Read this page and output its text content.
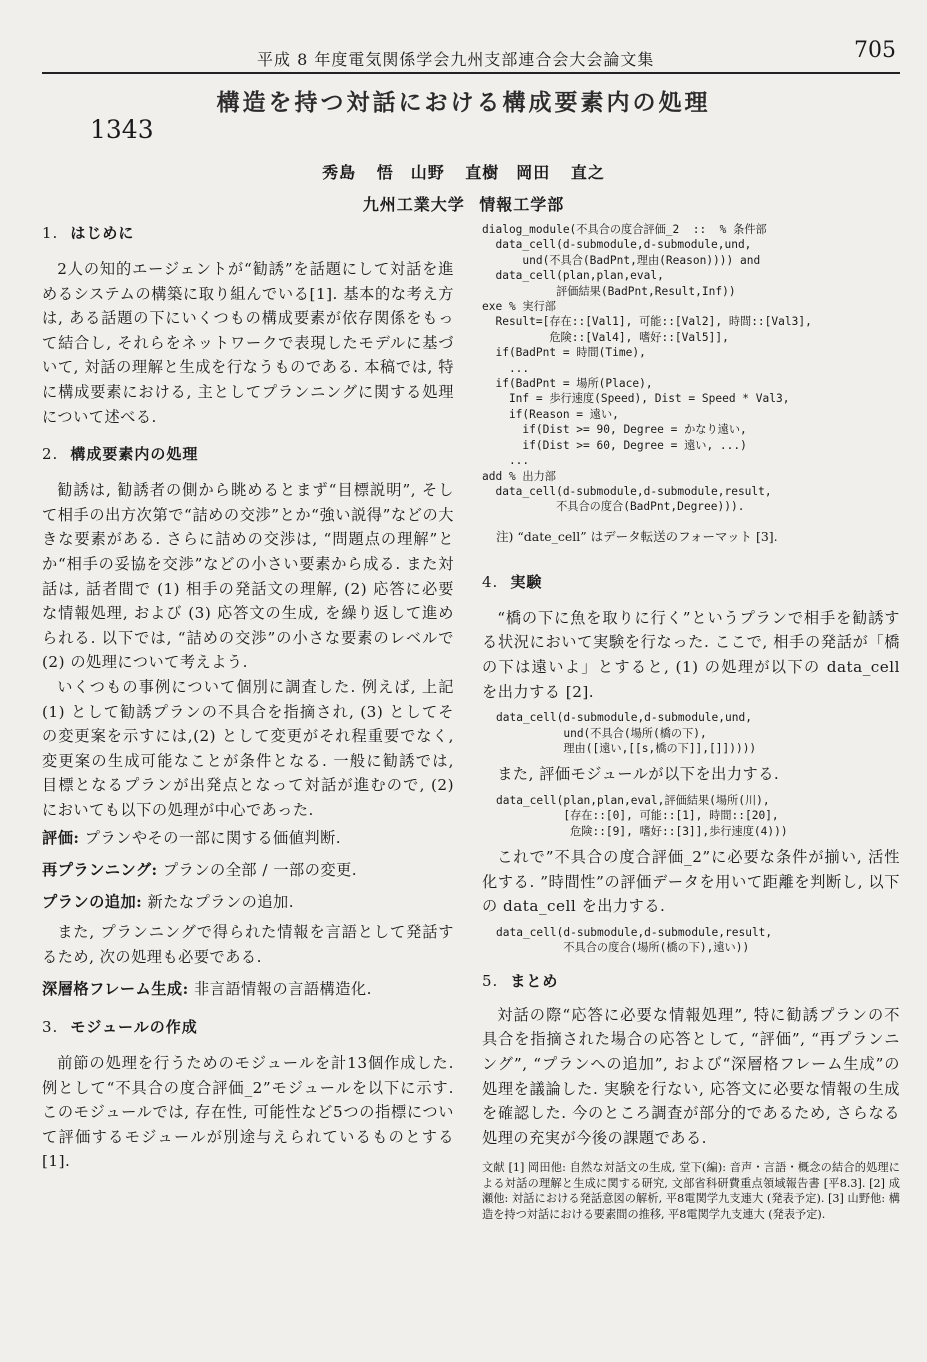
平成 8 年度電気関係学会九州支部連合会大会論文集	705
構造を持つ対話における構成要素内の処理
1343
秀島 悟　山野 直樹　岡田 直之
九州工業大学 情報工学部
1. はじめに

2人の知的エージェントが“勧誘”を話題にして対話を進めるシステムの構築に取り組んでいる[1]. 基本的な考え方は, ある話題の下にいくつもの構成要素が依存関係をもって結合し, それらをネットワークで表現したモデルに基づいて, 対話の理解と生成を行なうものである. 本稿では, 特に構成要素における, 主としてプランニングに関する処理について述べる.

2. 構成要素内の処理

勧誘は, 勧誘者の側から眺めるとまず“目標説明”, そして相手の出方次第で“詰めの交渉”とか“強い説得”などの大きな要素がある. さらに詰めの交渉は, “問題点の理解”とか“相手の妥協を交渉”などの小さい要素から成る. また対話は, 話者間で (1) 相手の発話文の理解, (2) 応答に必要な情報処理, および (3) 応答文の生成, を繰り返して進められる. 以下では, “詰めの交渉”の小さな要素のレベルで (2) の処理について考えよう.

いくつもの事例について個別に調査した. 例えば, 上記 (1) として勧誘プランの不具合を指摘され, (3) としてその変更案を示すには,(2) として変更がそれ程重要でなく, 変更案の生成可能なことが条件となる. 一般に勧誘では, 目標となるプランが出発点となって対話が進むので, (2) においても以下の処理が中心であった.

評価: プランやその一部に関する価値判断.

再プランニング: プランの全部 / 一部の変更.

プランの追加: 新たなプランの追加.

また, プランニングで得られた情報を言語として発話するため, 次の処理も必要である.

深層格フレーム生成: 非言語情報の言語構造化.

3. モジュールの作成

前節の処理を行うためのモジュールを計13個作成した. 例として“不具合の度合評価_2”モジュールを以下に示す. このモジュールでは, 存在性, 可能性など5つの指標について評価するモジュールが別途与えられているものとする [1].

dialog_module(不具合の度合評価_2  ::  % 条件部
data_cell(d-submodule,d-submodule,und,
und(不具合(BadPnt,理由(Reason)))) and
data_cell(plan,plan,eval,
評価結果(BadPnt,Result,Inf))
exe % 実行部
Result=[存在::[Val1], 可能::[Val2], 時間::[Val3],
危険::[Val4], 嗜好::[Val5]],
if(BadPnt = 時間(Time),
...
if(BadPnt = 場所(Place),
Inf = 歩行速度(Speed), Dist = Speed * Val3,
if(Reason = 遠い,
if(Dist >= 90, Degree = かなり遠い,
if(Dist >= 60, Degree = 遠い, ...)
...
add % 出力部
data_cell(d-submodule,d-submodule,result,
不具合の度合(BadPnt,Degree))).

注) “date_cell” はデータ転送のフォーマット [3].

4. 実験

“橋の下に魚を取りに行く”というプランで相手を勧誘する状況において実験を行なった. ここで, 相手の発話が「橋の下は遠いよ」とすると, (1) の処理が以下の data_cell を出力する [2].

data_cell(d-submodule,d-submodule,und,
und(不具合(場所(橋の下),
理由([遠い,[[s,橋の下]],[]]))))

また, 評価モジュールが以下を出力する.

data_cell(plan,plan,eval,評価結果(場所(川),
[存在::[0], 可能::[1], 時間::[20],
危険::[9], 嗜好::[3]],歩行速度(4)))

これで”不具合の度合評価_2”に必要な条件が揃い, 活性化する. ”時間性”の評価データを用いて距離を判断し, 以下の data_cell を出力する.

data_cell(d-submodule,d-submodule,result,
不具合の度合(場所(橋の下),遠い))
5. まとめ

対話の際“応答に必要な情報処理”, 特に勧誘プランの不具合を指摘された場合の応答として, “評価”, “再プランニング”, “プランへの追加”, および“深層格フレーム生成”の処理を議論した. 実験を行ない, 応答文に必要な情報の生成を確認した. 今のところ調査が部分的であるため, さらなる処理の充実が今後の課題である.

文献 [1] 岡田他: 自然な対話文の生成, 堂下(編): 音声・言語・概念の結合的処理による対話の理解と生成に関する研究, 文部省科研費重点領域報告書 [平8.3]. [2] 成瀬他: 対話における発話意図の解析, 平8電関学九支連大 (発表予定). [3] 山野他: 構造を持つ対話における要素間の推移, 平8電関学九支連大 (発表予定).
